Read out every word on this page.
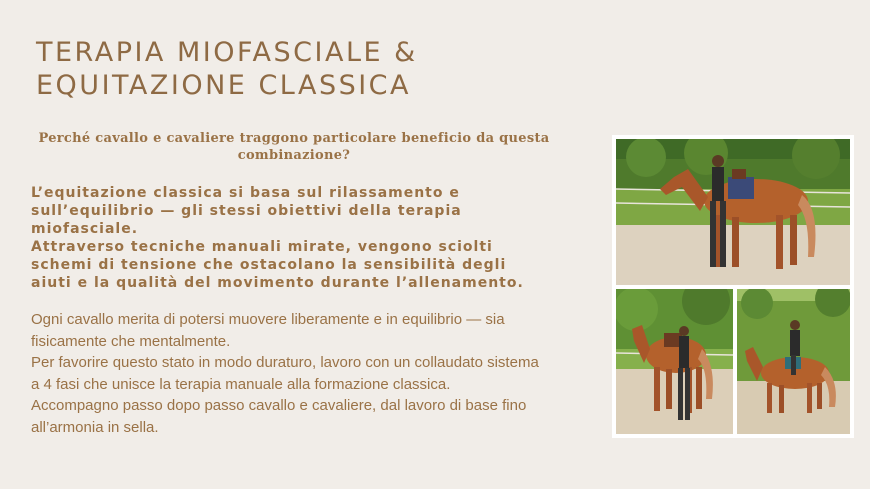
TERAPIA MIOFASCIALE &
EQUITAZIONE CLASSICA
Perché cavallo e cavaliere traggono particolare beneficio da questa combinazione?

L’equitazione classica si basa sul rilassamento e sull’equilibrio — gli stessi obiettivi della terapia miofasciale.

Attraverso tecniche manuali mirate, vengono sciolti schemi di tensione che ostacolano la sensibilità degli aiuti e la qualità del movimento durante l’allenamento.

Ogni cavallo merita di potersi muovere liberamente e in equilibrio — sia fisicamente che mentalmente.

Per favorire questo stato in modo duraturo, lavoro con un collaudato sistema a 4 fasi che unisce la terapia manuale alla formazione classica.

Accompagno passo dopo passo cavallo e cavaliere, dal lavoro di base fino all’armonia in sella.
